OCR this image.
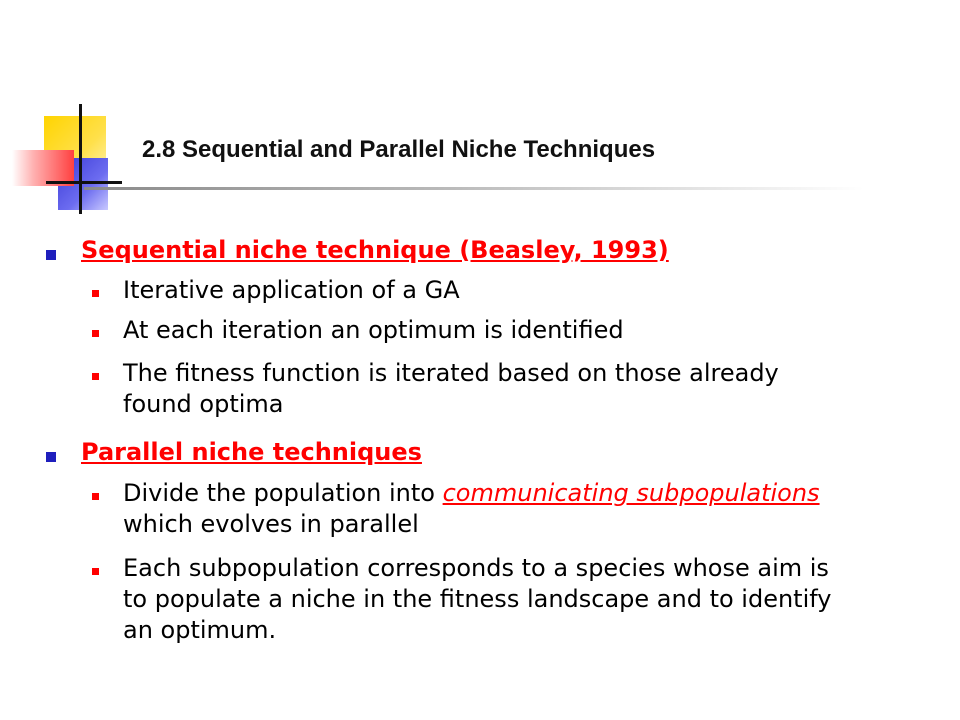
2.8 Sequential and Parallel Niche Techniques
Sequential niche technique (Beasley, 1993)
Iterative application of a GA
At each iteration an optimum is identified
The fitness function is iterated based on those already
found optima
Parallel niche techniques
Divide the population into communicating subpopulations
which evolves in parallel
Each subpopulation corresponds to a species whose aim is
to populate a niche in the fitness landscape and to identify
an optimum.
